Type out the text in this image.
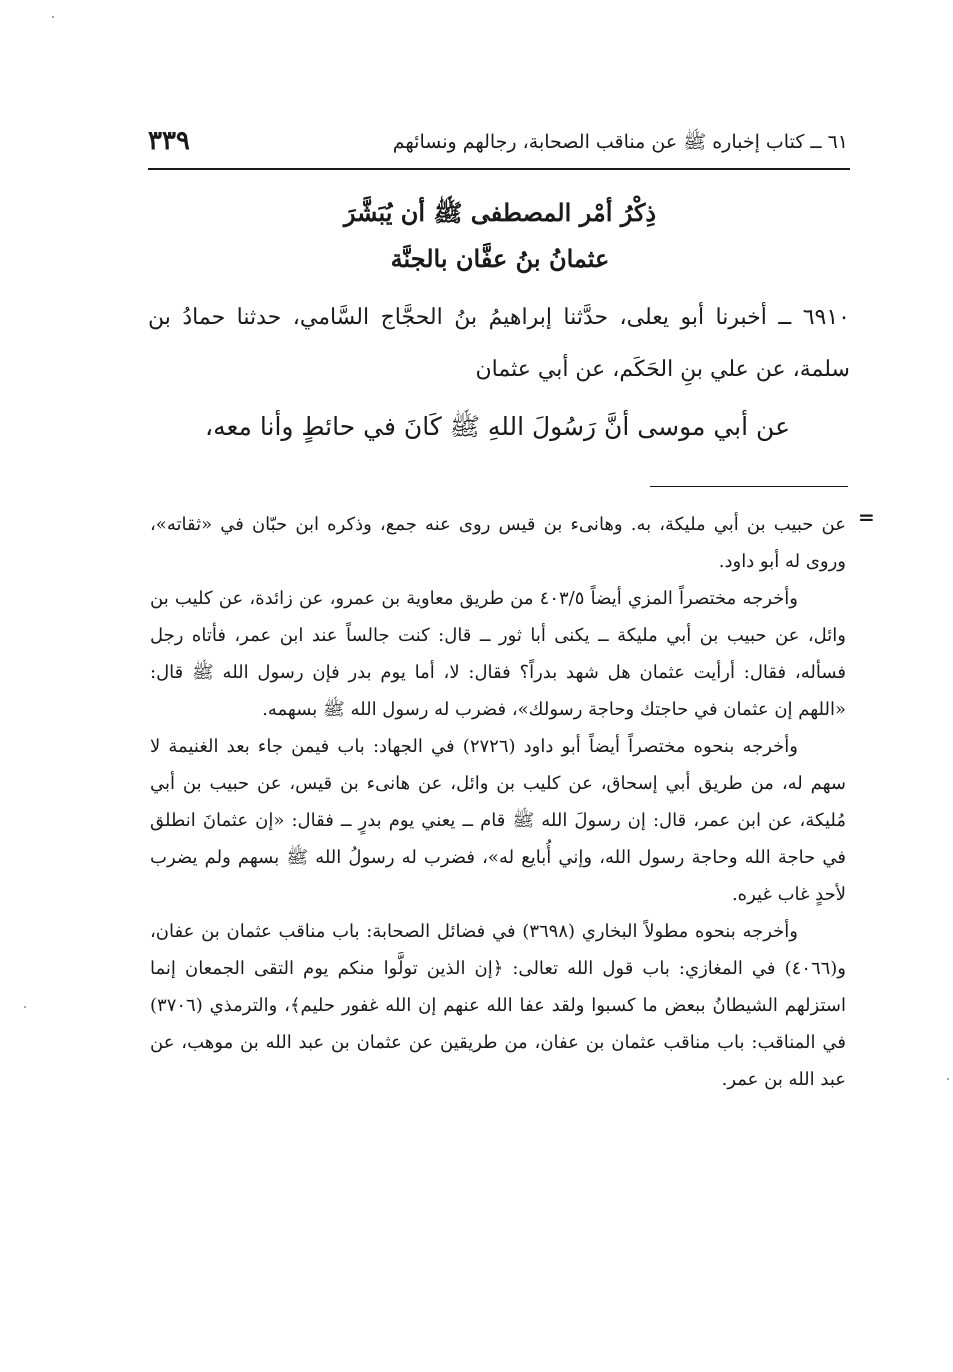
٦١ ــ كتاب إخباره ﷺ عن مناقب الصحابة، رجالهم ونسائهم
٣٣٩
ذِكْرُ أمْر المصطفى ﷺ أن يُبَشَّرَ
عثمانُ بنُ عفَّان بالجنَّة
٦٩١٠ ــ أخبرنا أبو يعلى، حدَّثنا إبراهيمُ بنُ الحجَّاج السَّامي، حدثنا حمادُ بن سلمة، عن علي بنِ الحَكَم، عن أبي عثمان
عن أبي موسى أنَّ رَسُولَ اللهِ ﷺ كَانَ في حائطٍ وأنا معه،
=

عن حبيب بن أبي مليكة، به. وهانىء بن قيس روى عنه جمع، وذكره ابن حبّان في «ثقاته»، وروى له أبو داود.

وأخرجه مختصراً المزي أيضاً ٤٠٣/٥ من طريق معاوية بن عمرو، عن زائدة، عن كليب بن وائل، عن حبيب بن أبي مليكة ــ يكنى أبا ثور ــ قال: كنت جالساً عند ابن عمر، فأتاه رجل فسأله، فقال: أرأيت عثمان هل شهد بدراً؟ فقال: لا، أما يوم بدر فإن رسول الله ﷺ قال: «اللهم إن عثمان في حاجتك وحاجة رسولك»، فضرب له رسول الله ﷺ بسهمه.

وأخرجه بنحوه مختصراً أيضاً أبو داود (٢٧٢٦) في الجهاد: باب فيمن جاء بعد الغنيمة لا سهم له، من طريق أبي إسحاق، عن كليب بن وائل، عن هانىء بن قيس، عن حبيب بن أبي مُليكة، عن ابن عمر، قال: إن رسولَ الله ﷺ قام ــ يعني يوم بدرٍ ــ فقال: «إن عثمانَ انطلق في حاجة الله وحاجة رسول الله، وإني أُبايع له»، فضرب له رسولُ الله ﷺ بسهم ولم يضرب لأحدٍ غاب غيره.

وأخرجه بنحوه مطولاً البخاري (٣٦٩٨) في فضائل الصحابة: باب مناقب عثمان بن عفان، و(٤٠٦٦) في المغازي: باب قول الله تعالى: ﴿إن الذين تولَّوا منكم يوم التقى الجمعان إنما استزلهم الشيطانُ ببعض ما كسبوا ولقد عفا الله عنهم إن الله غفور حليم﴾، والترمذي (٣٧٠٦) في المناقب: باب مناقب عثمان بن عفان، من طريقين عن عثمان بن عبد الله بن موهب، عن عبد الله بن عمر.
